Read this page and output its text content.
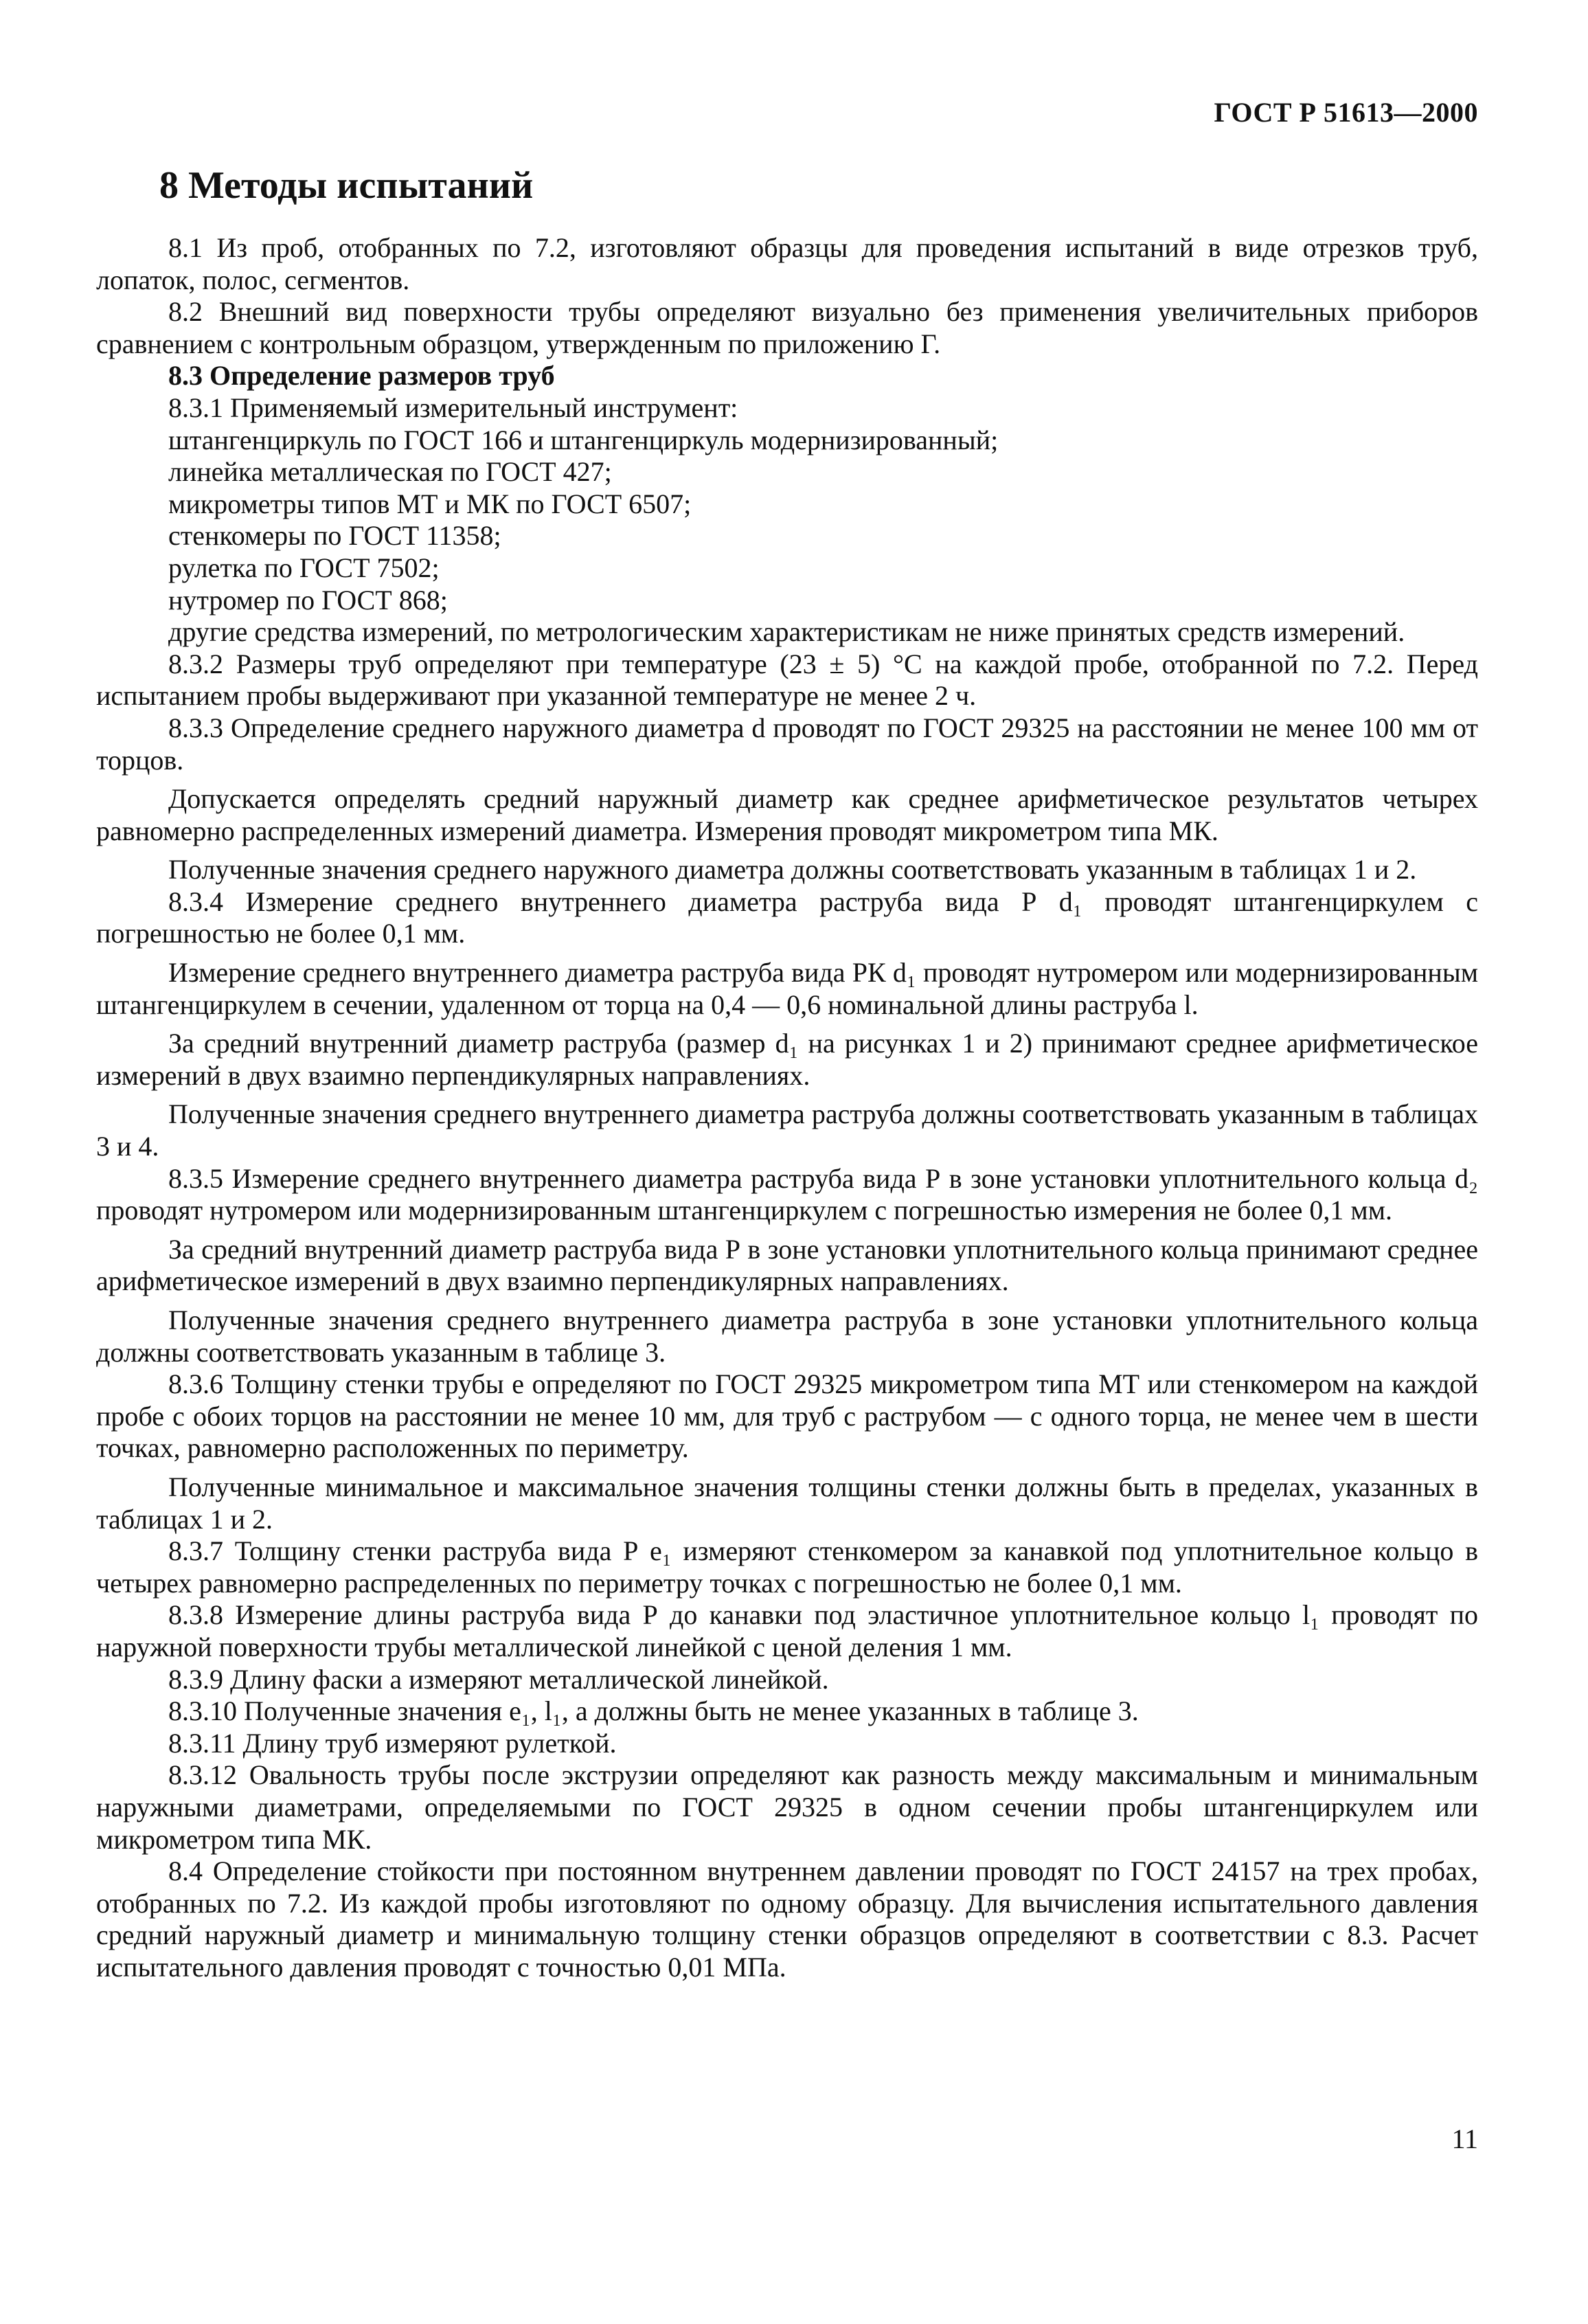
ГОСТ Р 51613—2000
8 Методы испытаний

8.1 Из проб, отобранных по 7.2, изготовляют образцы для проведения испытаний в виде отрезков труб, лопаток, полос, сегментов.

8.2 Внешний вид поверхности трубы определяют визуально без применения увеличительных приборов сравнением с контрольным образцом, утвержденным по приложению Г.

8.3 Определение размеров труб

8.3.1 Применяемый измерительный инструмент:

штангенциркуль по ГОСТ 166 и штангенциркуль модернизированный;

линейка металлическая по ГОСТ 427;

микрометры типов МТ и МК по ГОСТ 6507;

стенкомеры по ГОСТ 11358;

рулетка по ГОСТ 7502;

нутромер по ГОСТ 868;

другие средства измерений, по метрологическим характеристикам не ниже принятых средств измерений.

8.3.2 Размеры труб определяют при температуре (23 ± 5) °С на каждой пробе, отобранной по 7.2. Перед испытанием пробы выдерживают при указанной температуре не менее 2 ч.

8.3.3 Определение среднего наружного диаметра d проводят по ГОСТ 29325 на расстоянии не менее 100 мм от торцов.

Допускается определять средний наружный диаметр как среднее арифметическое результатов четырех равномерно распределенных измерений диаметра. Измерения проводят микрометром типа МК.

Полученные значения среднего наружного диаметра должны соответствовать указанным в таблицах 1 и 2.

8.3.4 Измерение среднего внутреннего диаметра раструба вида Р d₁ проводят штангенциркулем с погрешностью не более 0,1 мм.

Измерение среднего внутреннего диаметра раструба вида РК d₁ проводят нутромером или модернизированным штангенциркулем в сечении, удаленном от торца на 0,4 — 0,6 номинальной длины раструба l.

За средний внутренний диаметр раструба (размер d₁ на рисунках 1 и 2) принимают среднее арифметическое измерений в двух взаимно перпендикулярных направлениях.

Полученные значения среднего внутреннего диаметра раструба должны соответствовать указанным в таблицах 3 и 4.

8.3.5 Измерение среднего внутреннего диаметра раструба вида Р в зоне установки уплотнительного кольца d₂ проводят нутромером или модернизированным штангенциркулем с погрешностью измерения не более 0,1 мм.

За средний внутренний диаметр раструба вида Р в зоне установки уплотнительного кольца принимают среднее арифметическое измерений в двух взаимно перпендикулярных направлениях.

Полученные значения среднего внутреннего диаметра раструба в зоне установки уплотнительного кольца должны соответствовать указанным в таблице 3.

8.3.6 Толщину стенки трубы e определяют по ГОСТ 29325 микрометром типа МТ или стенкомером на каждой пробе с обоих торцов на расстоянии не менее 10 мм, для труб с раструбом — с одного торца, не менее чем в шести точках, равномерно расположенных по периметру.

Полученные минимальное и максимальное значения толщины стенки должны быть в пределах, указанных в таблицах 1 и 2.

8.3.7 Толщину стенки раструба вида Р e₁ измеряют стенкомером за канавкой под уплотнительное кольцо в четырех равномерно распределенных по периметру точках с погрешностью не более 0,1 мм.

8.3.8 Измерение длины раструба вида Р до канавки под эластичное уплотнительное кольцо l₁ проводят по наружной поверхности трубы металлической линейкой с ценой деления 1 мм.

8.3.9 Длину фаски a измеряют металлической линейкой.

8.3.10 Полученные значения e₁, l₁, a должны быть не менее указанных в таблице 3.

8.3.11 Длину труб измеряют рулеткой.

8.3.12 Овальность трубы после экструзии определяют как разность между максимальным и минимальным наружными диаметрами, определяемыми по ГОСТ 29325 в одном сечении пробы штангенциркулем или микрометром типа МК.

8.4 Определение стойкости при постоянном внутреннем давлении проводят по ГОСТ 24157 на трех пробах, отобранных по 7.2. Из каждой пробы изготовляют по одному образцу. Для вычисления испытательного давления средний наружный диаметр и минимальную толщину стенки образцов определяют в соответствии с 8.3. Расчет испытательного давления проводят с точностью 0,01 МПа.

11
